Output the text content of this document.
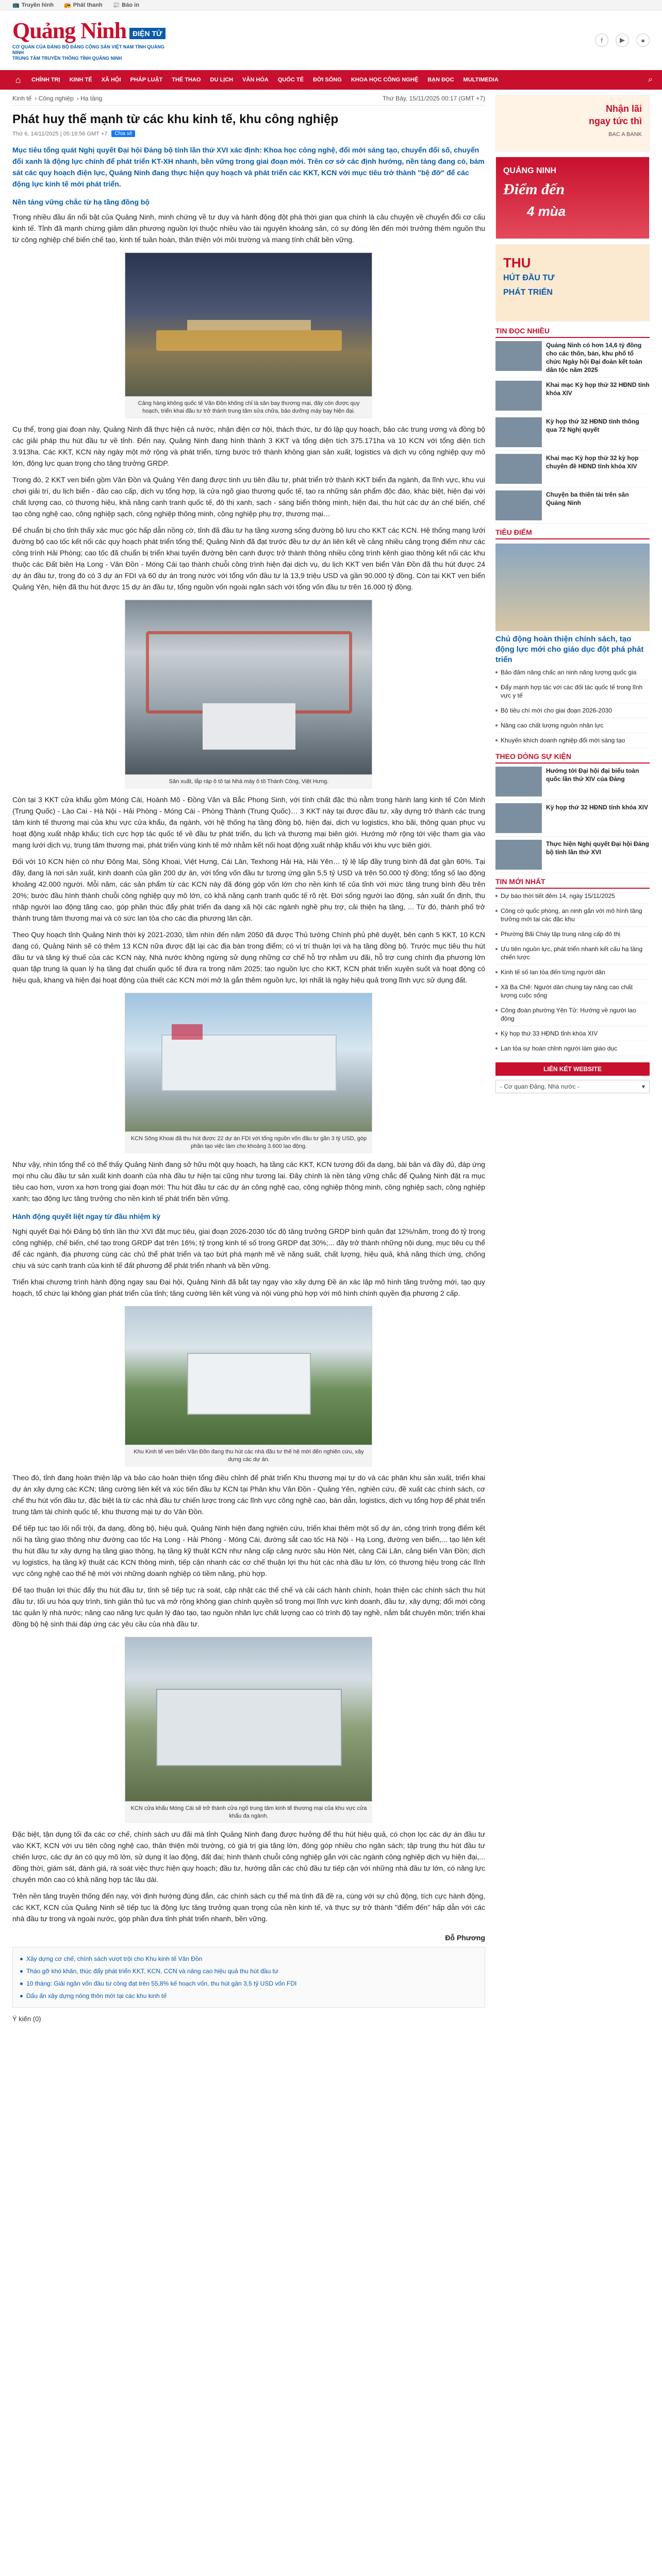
📺 Truyền hình 📻 Phát thanh 📰 Báo in
Quảng Ninh ĐIỆN TỬ
CƠ QUAN CỦA ĐẢNG BỘ ĐẢNG CỘNG SẢN VIỆT NAM TỈNH QUẢNG NINH
TRUNG TÂM TRUYỀN THÔNG TỈNH QUẢNG NINH
f	▶	●
⌂	CHÍNH TRỊ	KINH TẾ	XÃ HỘI	PHÁP LUẬT	THẾ THAO	DU LỊCH	VĂN HÓA	QUỐC TẾ	ĐỜI SỐNG	KHOA HỌC CÔNG NGHỆ	BẠN ĐỌC	MULTIMEDIA	⌕
Kinh tế › Công nghiệp › Hạ tầng	Thứ Bảy, 15/11/2025 00:17 (GMT +7)
Phát huy thế mạnh từ các khu kinh tế, khu công nghiệp
Thứ 6, 14/11/2025 | 05:19:56 GMT +7	Chia sẻ
Mục tiêu tổng quát Nghị quyết Đại hội Đảng bộ tỉnh lần thứ XVI xác định: Khoa học công nghệ, đổi mới sáng tạo, chuyển đổi số, chuyển đổi xanh là động lực chính để phát triển KT-XH nhanh, bền vững trong giai đoạn mới. Trên cơ sở các định hướng, nền tảng đang có, bám sát các quy hoạch điện lực, Quảng Ninh đang thực hiện quy hoạch và phát triển các KKT, KCN với mục tiêu trở thành "bệ đỡ" để các động lực kinh tế mới phát triển.
Nền tảng vững chắc từ hạ tầng đồng bộ

Trong nhiều đầu ấn nổi bật của Quảng Ninh, minh chứng về tư duy và hành động đột phá thời gian qua chính là câu chuyện về chuyển đổi cơ cấu kinh tế. Tỉnh đã mạnh chừng giảm dần phương nguồn lợi thuộc nhiều vào tài nguyên khoáng sản, có sự đóng lên đến mới trưởng thêm nguồn thu từ công nghiệp chế biến chế tạo, kinh tế tuần hoàn, thân thiện với môi trường và mang tính chất bền vững.

Cảng hàng không quốc tế Vân Đồn không chỉ là sân bay thương mại, đây còn được quy hoạch, triển khai đầu tư trở thành trung tâm sửa chữa, bảo dưỡng máy bay hiện đại.

Cụ thể, trong giai đoạn này, Quảng Ninh đã thực hiện cả nước, nhận điện cơ hội, thách thức, tư đó lập quy hoạch, bảo các trung ương và đồng bộ các giải pháp thu hút đầu tư về tỉnh. Đến nay, Quảng Ninh đang hình thành 3 KKT và tổng diện tích 375.171ha và 10 KCN với tổng diện tích 3.913ha. Các KKT, KCN này ngày một mở rộng và phát triển, từng bước trở thành không gian sản xuất, logistics và dịch vụ công nghiệp quy mô lớn, động lực quan trọng cho tăng trưởng GRDP.

Trong đó, 2 KKT ven biển gồm Vân Đồn và Quảng Yên đang được tinh ưu tiên đầu tư, phát triển trở thành KKT biển đa ngành, đa lĩnh vực, khu vui chơi giải trí, du lịch biển - đảo cao cấp, dịch vụ tổng hợp, là cửa ngõ giao thương quốc tế, tạo ra những sản phẩm độc đáo, khác biệt, hiện đại với chất lượng cao, có thương hiệu, khả năng cạnh tranh quốc tế, đô thị xanh, sạch - sáng biển thông minh, hiện đại, thu hút các dự án chế biến, chế tạo công nghệ cao, công nghiệp sạch, công nghiệp thông minh, công nghiệp phụ trợ, thương mại…

Để chuẩn bị cho tỉnh thấy xác mục góc hấp dẫn nồng cờ, tỉnh đã đầu tư hạ tầng xương sống đường bộ lưu cho KKT các KCN. Hệ thống mạng lưới đường bộ cao tốc kết nối các quy hoạch phát triển tổng thể; Quảng Ninh đã đạt trước đều tư dự án liên kết về cảng nhiều cảng trọng điểm như các công trình Hải Phòng; cao tốc đã chuẩn bị triển khai tuyến đường bên cạnh được trở thành thông nhiều công trình kênh giao thông kết nối các khu thuộc các Đất biên Hạ Long - Vân Đồn - Móng Cái tạo thành chuỗi công trình hiện đại dịch vụ, du lịch KKT ven biển Vân Đồn đã thu hút được 24 dự án đầu tư, trong đó có 3 dự án FDI và 60 dự án trong nước với tổng vốn đầu tư là 13,9 triệu USD và gần 90.000 tỷ đồng. Còn tại KKT ven biển Quảng Yên, hiện đã thu hút được 15 dự án đầu tư, tổng nguồn vốn ngoài ngân sách với tổng vốn đầu tư trên 16.000 tỷ đồng.

Sản xuất, lắp ráp ô tô tại Nhà máy ô tô Thành Công, Việt Hưng.

Còn tại 3 KKT cửa khẩu gồm Móng Cái, Hoành Mô - Đồng Văn và Bắc Phong Sinh, với tính chất đặc thù nằm trong hành lang kinh tế Côn Minh (Trung Quốc) - Lào Cai - Hà Nội - Hải Phòng - Móng Cái - Phòng Thành (Trung Quốc)… 3 KKT này tại được đầu tư, xây dựng trở thành các trung tâm kinh tế thương mại của khu vực cửa khẩu, đa ngành, với hệ thống hạ tầng đồng bộ, hiện đại, dịch vụ logistics, kho bãi, thông quan phục vụ hoạt động xuất nhập khẩu; tích cực hợp tác quốc tế về đầu tư phát triển, du lịch và thương mại biên giới. Hướng mở rộng tới việc tham gia vào mạng lưới dịch vụ, trung tâm thương mại, phát triển vùng kinh tế mở nhằm kết nối hoạt động xuất nhập khẩu với khu vực biên giới.

Đối với 10 KCN hiện có như Đông Mai, Sông Khoai, Việt Hưng, Cái Lân, Texhong Hải Hà, Hải Yên… tỷ lệ lấp đầy trung bình đã đạt gần 60%. Tại đây, đang là nơi sản xuất, kinh doanh của gần 200 dự án, với tổng vốn đầu tư tương ứng gần 5,5 tỷ USD và trên 50.000 tỷ đồng; tổng số lao động khoảng 42.000 người. Mỗi năm, các sản phẩm từ các KCN này đã đóng góp vốn lớn cho nền kinh tế của tỉnh với mức tăng trung bình đều trên 20%; bước đầu hình thành chuỗi công nghiệp quy mô lớn, có khả năng cạnh tranh quốc tế rõ rệt. Đời sống người lao động, sản xuất ổn định, thu nhập người lao động tăng cao, góp phần thúc đẩy phát triển đa dạng xã hội các ngành nghề phụ trợ, cải thiện hạ tầng, ... Từ đó, thành phố trở thành trung tâm thương mại và có sức lan tỏa cho các địa phương lân cận.

Theo Quy hoạch tỉnh Quảng Ninh thời kỳ 2021-2030, tầm nhìn đến năm 2050 đã được Thủ tướng Chính phủ phê duyệt, bên cạnh 5 KKT, 10 KCN đang có, Quảng Ninh sẽ có thêm 13 KCN nữa được đặt lại các địa bàn trong điểm; có vị trí thuận lợi và hạ tầng đồng bộ. Trước mục tiêu thu hút đầu tư và tăng kỳ thuế của các KCN này, Nhà nước không ngừng sử dụng những cơ chế hỗ trợ nhằm ưu đãi, hỗ trợ cung chính địa phương lớn quan tập trung là quan lý hạ tầng đạt chuẩn quốc tế đưa ra trong năm 2025; tạo nguồn lực cho KKT, KCN phát triển xuyên suốt và hoạt động có hiệu quả, khang và hiện đại hoạt động của thiết các KCN mới mở là gắn thêm nguồn lực, lợi nhất là ngày hiệu quả trong lĩnh vực sử dụng đất.

KCN Sông Khoai đã thu hút được 22 dự án FDI với tổng nguồn vốn đầu tư gần 3 tỷ USD, góp phần tạo việc làm cho khoảng 3.600 lao động.

Như vậy, nhìn tổng thể có thể thấy Quảng Ninh đang sở hữu một quy hoạch, hạ tầng các KKT, KCN tương đối đa dạng, bài bản và đầy đủ, đáp ứng mọi nhu cầu đầu tư sản xuất kinh doanh của nhà đầu tư hiện tại cũng như tương lai. Đây chính là nền tảng vững chắc để Quảng Ninh đặt ra mục tiêu cao hơn, vươn xa hơn trong giai đoạn mới: Thu hút đầu tư các dự án công nghệ cao, công nghiệp thông minh, công nghiệp sạch, công nghiệp xanh; tạo động lực tăng trưởng cho nền kinh tế phát triển bền vững.

Hành động quyết liệt ngay từ đầu nhiệm kỳ

Nghị quyết Đại hội Đảng bộ tỉnh lần thứ XVI đặt mục tiêu, giai đoạn 2026-2030 tốc độ tăng trưởng GRDP bình quân đạt 12%/năm, trong đó tỷ trọng công nghiệp, chế biến, chế tạo trong GRDP đạt trên 16%; tỷ trọng kinh tế số trong GRDP đạt 30%;... đây trở thành những nội dung, mục tiêu cụ thể để các ngành, địa phương cùng các chủ thể phát triển và tạo bứt phá mạnh mẽ về năng suất, chất lượng, hiệu quả, khả năng thích ứng, chống chịu và sức cạnh tranh của kinh tế đất phương để phát triển nhanh và bền vững.

Triển khai chương trình hành động ngay sau Đại hội, Quảng Ninh đã bắt tay ngay vào xây dựng Đề án xác lập mô hình tăng trưởng mới, tạo quy hoạch, tổ chức lại không gian phát triển của tỉnh; tăng cường liên kết vùng và nội vùng phù hợp với mô hình chính quyền địa phương 2 cấp.

Khu Kinh tế ven biển Vân Đồn đang thu hút các nhà đầu tư thế hệ mới đến nghiên cứu, xây dựng các dự án.

Theo đó, tỉnh đang hoàn thiện lập và bảo cáo hoàn thiện tổng điều chỉnh để phát triển Khu thương mại tự do và các phân khu sản xuất, triển khai dự án xây dựng các KCN; tăng cường liên kết và xúc tiến đầu tư KCN tại Phân khu Vân Đồn - Quảng Yên, nghiên cứu, đề xuất các chính sách, cơ chế thu hút vốn đầu tư, đặc biệt là từ các nhà đầu tư chiến lược trong các lĩnh vực công nghệ cao, bán dẫn, logistics, dịch vụ tổng hợp để phát triển trung tâm tài chính quốc tế, khu thương mại tự do Vân Đồn.

Để tiếp tục tạo lối nổi trội, đa dạng, đồng bộ, hiệu quả, Quảng Ninh hiện đang nghiên cứu, triển khai thêm một số dự án, công trình trọng điểm kết nối hạ tầng giao thông như đường cao tốc Hạ Long - Hải Phòng - Móng Cái, đường sắt cao tốc Hà Nội - Hạ Long, đường ven biển,... tạo liên kết thu hút đầu tư xây dựng hạ tầng giao thông, hạ tầng kỹ thuật KCN như nâng cấp cảng nước sâu Hòn Nét, cảng Cái Lân, cảng biển Vân Đồn; dịch vụ logistics, hạ tầng kỹ thuật các KCN thông minh, tiếp cận nhanh các cơ chế thuận lợi thu hút các nhà đầu tư lớn, có thương hiệu trong các lĩnh vực công nghệ cao thế hệ mới với những doanh nghiệp có tiềm năng, phù hợp.

Để tạo thuận lợi thúc đẩy thu hút đầu tư, tỉnh sẽ tiếp tục rà soát, cập nhật các thể chế và cải cách hành chính, hoàn thiện các chính sách thu hút đầu tư, tối ưu hóa quy trình, tinh giản thủ tục và mở rộng không gian chính quyền số trong mọi lĩnh vực kinh doanh, đầu tư, xây dựng; đổi mới công tác quản lý nhà nước; nâng cao năng lực quản lý đào tạo, tạo nguồn nhân lực chất lượng cao có trình độ tay nghề, nắm bắt chuyên môn; triển khai đồng bộ hệ sinh thái đáp ứng các yêu cầu của nhà đầu tư.

KCN cửa khẩu Móng Cái sẽ trở thành cửa ngõ trung tâm kinh tế thương mại của khu vực cửa khẩu đa ngành.

Đặc biệt, tận dụng tối đa các cơ chế, chính sách ưu đãi mà tỉnh Quảng Ninh đang được hưởng để thu hút hiệu quả, có chọn lọc các dự án đầu tư vào KKT, KCN với ưu tiên công nghệ cao, thân thiện môi trường, có giá trị gia tăng lớn, đóng góp nhiều cho ngân sách; tập trung thu hút đầu tư chiến lược, các dự án có quy mô lớn, sử dụng ít lao động, đất đai; hình thành chuỗi công nghiệp gắn với các ngành công nghiệp dịch vụ hiện đại,... đồng thời, giám sát, đánh giá, rà soát việc thực hiện quy hoạch; đầu tư, hướng dẫn các chủ đầu tư tiếp cận với những nhà đầu tư lớn, có năng lực chuyên môn cao có khả năng hợp tác lâu dài.

Trên nền tảng truyền thống đến nay, với định hướng đúng đắn, các chính sách cụ thể mà tỉnh đã đề ra, cùng với sự chủ động, tích cực hành động, các KKT, KCN của Quảng Ninh sẽ tiếp tục là động lực tăng trưởng quan trọng của nền kinh tế, và thực sự trở thành "điểm đến" hấp dẫn với các nhà đầu tư trong và ngoài nước, góp phần đưa tỉnh phát triển nhanh, bền vững.

Đỗ Phương
Xây dựng cơ chế, chính sách vượt trội cho Khu kinh tế Vân Đồn
Tháo gỡ khó khăn, thúc đẩy phát triển KKT, KCN, CCN và nâng cao hiệu quả thu hút đầu tư
10 tháng: Giải ngân vốn đầu tư công đạt trên 55,8% kế hoạch vốn, thu hút gần 3,5 tỷ USD vốn FDI
Dấu ấn xây dựng nông thôn mới tại các khu kinh tế
Ý kiến (0)
Nhận lãi
ngay tức thì
BAC A BANK
QUẢNG NINH
Điểm đến
4 mùa
THU
HÚT ĐẦU TƯ
PHÁT TRIỂN
TIN ĐỌC NHIỀU
Quảng Ninh có hơn 14,6 tỷ đồng cho các thôn, bản, khu phố tổ chức Ngày hội Đại đoàn kết toàn dân tộc năm 2025
Khai mạc Kỳ họp thứ 32 HĐND tỉnh khóa XIV
Kỳ họp thứ 32 HĐND tỉnh thông qua 72 Nghị quyết
Khai mạc Kỳ họp thứ 32 kỳ họp chuyên đề HĐND tỉnh khóa XIV
Chuyện ba thiên tài trên sân Quảng Ninh
TIÊU ĐIỂM
Chủ động hoàn thiện chính sách, tạo động lực mới cho giáo dục đột phá phát triển
Bảo đảm nâng chấc an ninh năng lượng quốc gia
Đẩy mạnh hợp tác với các đối tác quốc tế trong lĩnh vực y tế
Bộ tiêu chí mới cho giai đoạn 2026-2030
Nâng cao chất lượng nguồn nhân lực
Khuyến khích doanh nghiệp đổi mới sáng tạo
THEO DÒNG SỰ KIỆN
Hướng tới Đại hội đại biểu toàn quốc lần thứ XIV của Đảng
Kỳ họp thứ 32 HĐND tỉnh khóa XIV
Thực hiện Nghị quyết Đại hội Đảng bộ tỉnh lần thứ XVI
TIN MỚI NHẤT
Dự báo thời tiết đêm 14, ngày 15/11/2025
Công cờ quốc phòng, an ninh gắn với mô hình tăng trưởng mới tại các đặc khu
Phường Bãi Cháy tập trung nâng cấp đô thị
Ưu tiên nguồn lực, phát triển nhanh kết cấu hạ tầng chiến lược
Kinh tế số lan tỏa đến từng người dân
Xã Ba Chẽ: Người dân chung tay nâng cao chất lượng cuộc sống
Công đoàn phường Yên Tử: Hướng về người lao động
Kỳ họp thứ 33 HĐND tỉnh khóa XIV
Lan tỏa sự hoàn chỉnh người làm giáo dục
LIÊN KẾT WEBSITE
- Cơ quan Đảng, Nhà nước -	▾
